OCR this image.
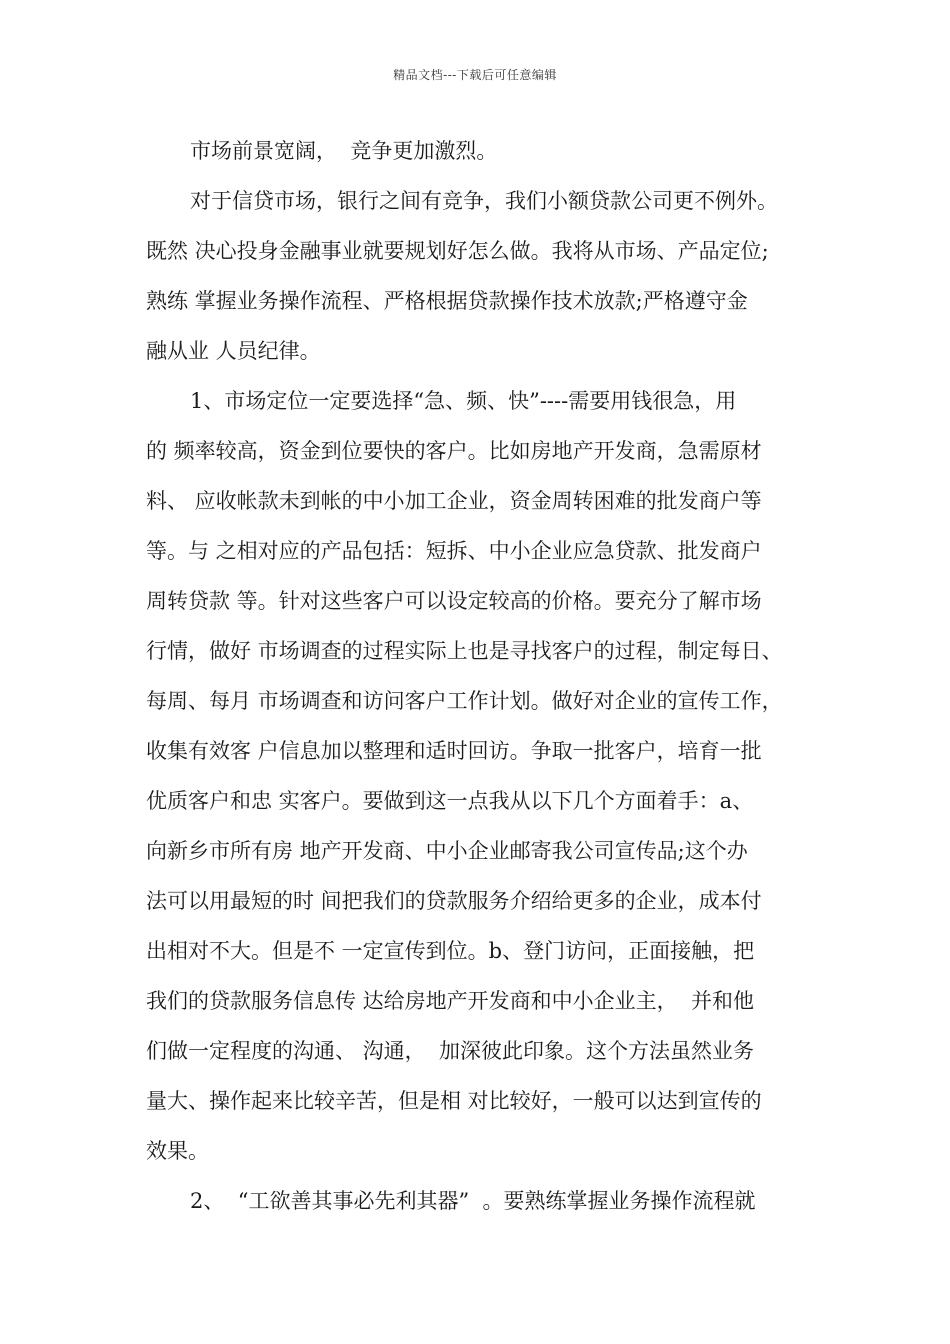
精品文档---下载后可任意编辑
市场前景宽阔，  竞争更加激烈。
对于信贷市场，银行之间有竞争，我们小额贷款公司更不例外。
既然 决心投身金融事业就要规划好怎么做。我将从市场、产品定位;
熟练 掌握业务操作流程、严格根据贷款操作技术放款;严格遵守金
融从业 人员纪律。
1、市场定位一定要选择“急、频、快”----需要用钱很急，用
的 频率较高，资金到位要快的客户。比如房地产开发商，急需原材
料、 应收帐款未到帐的中小加工企业，资金周转困难的批发商户等
等。与 之相对应的产品包括：短拆、中小企业应急贷款、批发商户
周转贷款 等。针对这些客户可以设定较高的价格。要充分了解市场
行情，做好 市场调查的过程实际上也是寻找客户的过程，制定每日、
每周、每月 市场调查和访问客户工作计划。做好对企业的宣传工作，
收集有效客 户信息加以整理和适时回访。争取一批客户，培育一批
优质客户和忠 实客户。要做到这一点我从以下几个方面着手：a、
向新乡市所有房 地产开发商、中小企业邮寄我公司宣传品;这个办
法可以用最短的时 间把我们的贷款服务介绍给更多的企业，成本付
出相对不大。但是不 一定宣传到位。b、登门访问，正面接触，把
我们的贷款服务信息传 达给房地产开发商和中小企业主，  并和他
们做一定程度的沟通、 沟通，  加深彼此印象。这个方法虽然业务
量大、操作起来比较辛苦，但是相 对比较好，一般可以达到宣传的
效果。
2、  “工欲善其事必先利其器”  。要熟练掌握业务操作流程就
